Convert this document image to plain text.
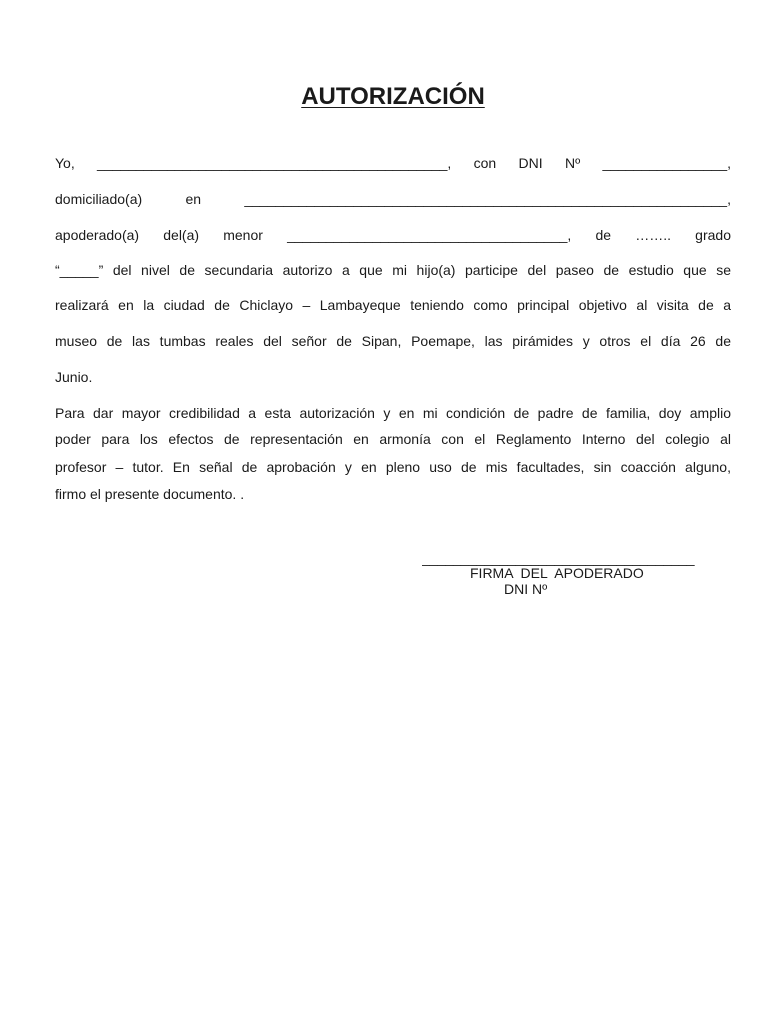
AUTORIZACIÓN
Yo, _____________________________________________, con DNI Nº ________________,
domiciliado(a) en ______________________________________________________________,
apoderado(a) del(a) menor ____________________________________, de …….. grado
“_____” del nivel de secundaria autorizo a que mi hijo(a) participe del paseo de estudio que se
realizará en la ciudad de Chiclayo – Lambayeque teniendo como principal objetivo al visita de a
museo de las tumbas reales del señor de Sipan, Poemape, las pirámides y otros el día 26 de
Junio.
Para dar mayor credibilidad a esta autorización y en mi condición de padre de familia, doy amplio
poder para los efectos de representación en armonía con el Reglamento Interno del colegio al
profesor – tutor. En señal de aprobación y en pleno uso de mis facultades, sin coacción alguno,
firmo el presente documento. .
___________________________________
FIRMA  DEL  APODERADO
DNI Nº
